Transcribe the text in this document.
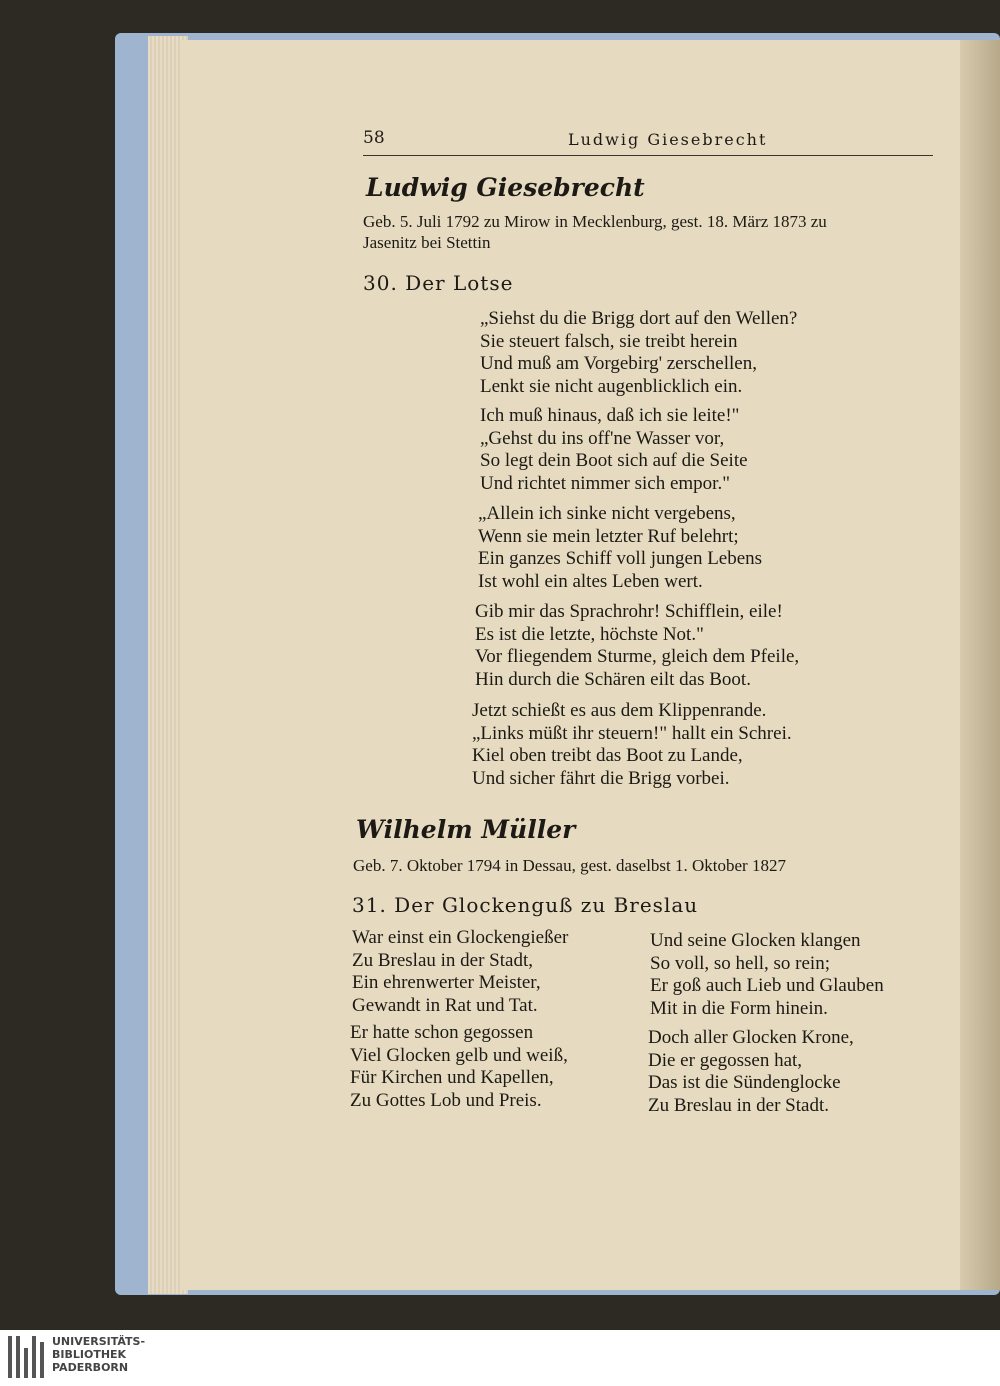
58	Ludwig Giesebrecht
Ludwig Giesebrecht
Geb. 5. Juli 1792 zu Mirow in Mecklenburg, gest. 18. März 1873 zu
Jasenitz bei Stettin
30. Der Lotse
„Siehst du die Brigg dort auf den Wellen?
Sie steuert falsch, sie treibt herein
Und muß am Vorgebirg' zerschellen,
Lenkt sie nicht augenblicklich ein.
Ich muß hinaus, daß ich sie leite!"
„Gehst du ins off'ne Wasser vor,
So legt dein Boot sich auf die Seite
Und richtet nimmer sich empor."
„Allein ich sinke nicht vergebens,
Wenn sie mein letzter Ruf belehrt;
Ein ganzes Schiff voll jungen Lebens
Ist wohl ein altes Leben wert.
Gib mir das Sprachrohr! Schifflein, eile!
Es ist die letzte, höchste Not."
Vor fliegendem Sturme, gleich dem Pfeile,
Hin durch die Schären eilt das Boot.
Jetzt schießt es aus dem Klippenrande.
„Links müßt ihr steuern!" hallt ein Schrei.
Kiel oben treibt das Boot zu Lande,
Und sicher fährt die Brigg vorbei.
Wilhelm Müller
Geb. 7. Oktober 1794 in Dessau, gest. daselbst 1. Oktober 1827
31. Der Glockenguß zu Breslau
War einst ein Glockengießer
Zu Breslau in der Stadt,
Ein ehrenwerter Meister,
Gewandt in Rat und Tat.
Er hatte schon gegossen
Viel Glocken gelb und weiß,
Für Kirchen und Kapellen,
Zu Gottes Lob und Preis.
Und seine Glocken klangen
So voll, so hell, so rein;
Er goß auch Lieb und Glauben
Mit in die Form hinein.
Doch aller Glocken Krone,
Die er gegossen hat,
Das ist die Sündenglocke
Zu Breslau in der Stadt.
UNIVERSITÄTS-
BIBLIOTHEK
PADERBORN
